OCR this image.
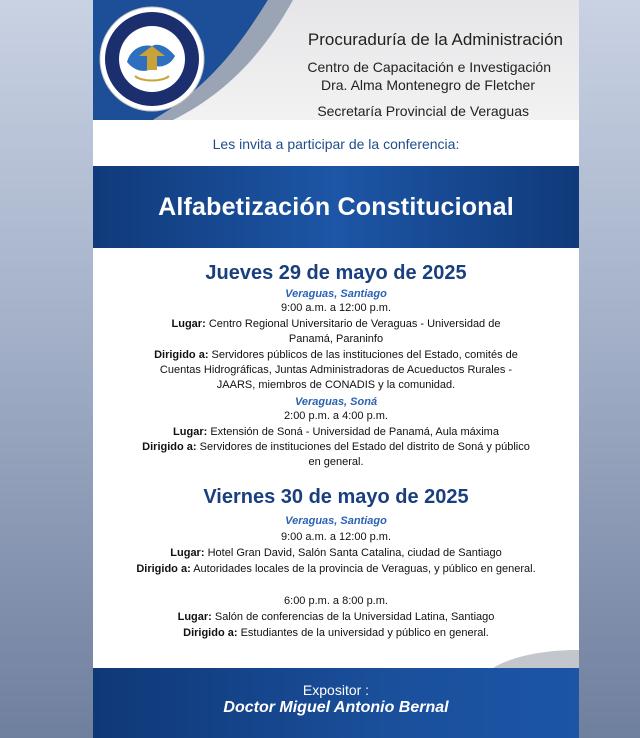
Procuraduría de la Administración
Centro de Capacitación e Investigación
Dra. Alma Montenegro de Fletcher
Secretaría Provincial de Veraguas
Les invita a participar de la conferencia:
Alfabetización Constitucional
Jueves 29 de mayo de 2025
Veraguas, Santiago
9:00 a.m. a 12:00 p.m.
Lugar: Centro Regional Universitario de Veraguas - Universidad de
Panamá, Paraninfo
Dirigido a: Servidores públicos de las instituciones del Estado, comités de
Cuentas Hidrográficas, Juntas Administradoras de Acueductos Rurales -
JAARS, miembros de CONADIS y la comunidad.
Veraguas, Soná
2:00 p.m. a 4:00 p.m.
Lugar: Extensión de Soná - Universidad de Panamá, Aula máxima
Dirigido a: Servidores de instituciones del Estado del distrito de Soná y público
en general.
Viernes 30 de mayo de 2025
Veraguas, Santiago
9:00 a.m. a 12:00 p.m.
Lugar: Hotel Gran David, Salón Santa Catalina, ciudad de Santiago
Dirigido a: Autoridades locales de la provincia de Veraguas, y público en general.
6:00 p.m. a 8:00 p.m.
Lugar: Salón de conferencias de la Universidad Latina, Santiago
Dirigido a: Estudiantes de la universidad y público en general.
Expositor :
Doctor Miguel Antonio Bernal
